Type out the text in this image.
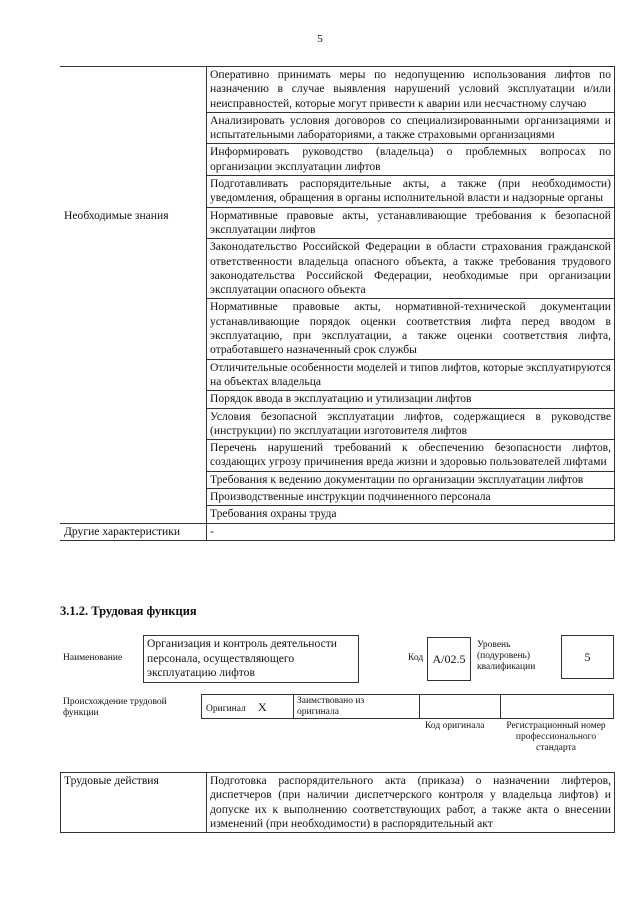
5
	Оперативно принимать меры по недопущению использования лифтов по назначению в случае выявления нарушений условий эксплуатации и/или неисправностей, которые могут привести к аварии или несчастному случаю
	Анализировать условия договоров со специализированными организациями и испытательными лабораториями, а также страховыми организациями
	Информировать руководство (владельца) о проблемных вопросах по организации эксплуатации лифтов
	Подготавливать распорядительные акты, а также (при необходимости) уведомления, обращения в органы исполнительной власти и надзорные органы
Необходимые знания	Нормативные правовые акты, устанавливающие требования к безопасной эксплуатации лифтов
	Законодательство Российской Федерации в области страхования гражданской ответственности владельца опасного объекта, а также требования трудового законодательства Российской Федерации, необходимые при организации эксплуатации опасного объекта
	Нормативные правовые акты, нормативной-технической документации устанавливающие порядок оценки соответствия лифта перед вводом в эксплуатацию, при эксплуатации, а также оценки соответствия лифта, отработавшего назначенный срок службы
	Отличительные особенности моделей и типов лифтов, которые эксплуатируются на объектах владельца
	Порядок ввода в эксплуатацию и утилизации лифтов
	Условия безопасной эксплуатации лифтов, содержащиеся в руководстве (инструкции) по эксплуатации изготовителя лифтов
	Перечень нарушений требований к обеспечению безопасности лифтов, создающих угрозу причинения вреда жизни и здоровью пользователей лифтами
	Требования к ведению документации по организации эксплуатации лифтов
	Производственные инструкции подчиненного персонала
	Требования охраны труда
Другие характеристики	-
3.1.2. Трудовая функция
Наименование
Организация и контроль деятельности персонала, осуществляющего эксплуатацию лифтов
Код А/02.5
Уровень (подуровень) квалификации
5
Происхождение трудовой функции	Оригинал X	Заимствовано из оригинала
Код оригинала	Регистрационный номер профессионального стандарта
Трудовые действия	Подготовка распорядительного акта (приказа) о назначении лифтеров, диспетчеров (при наличии диспетчерского контроля у владельца лифтов) и допуске их к выполнению соответствующих работ, а также акта о внесении изменений (при необходимости) в распорядительный акт
